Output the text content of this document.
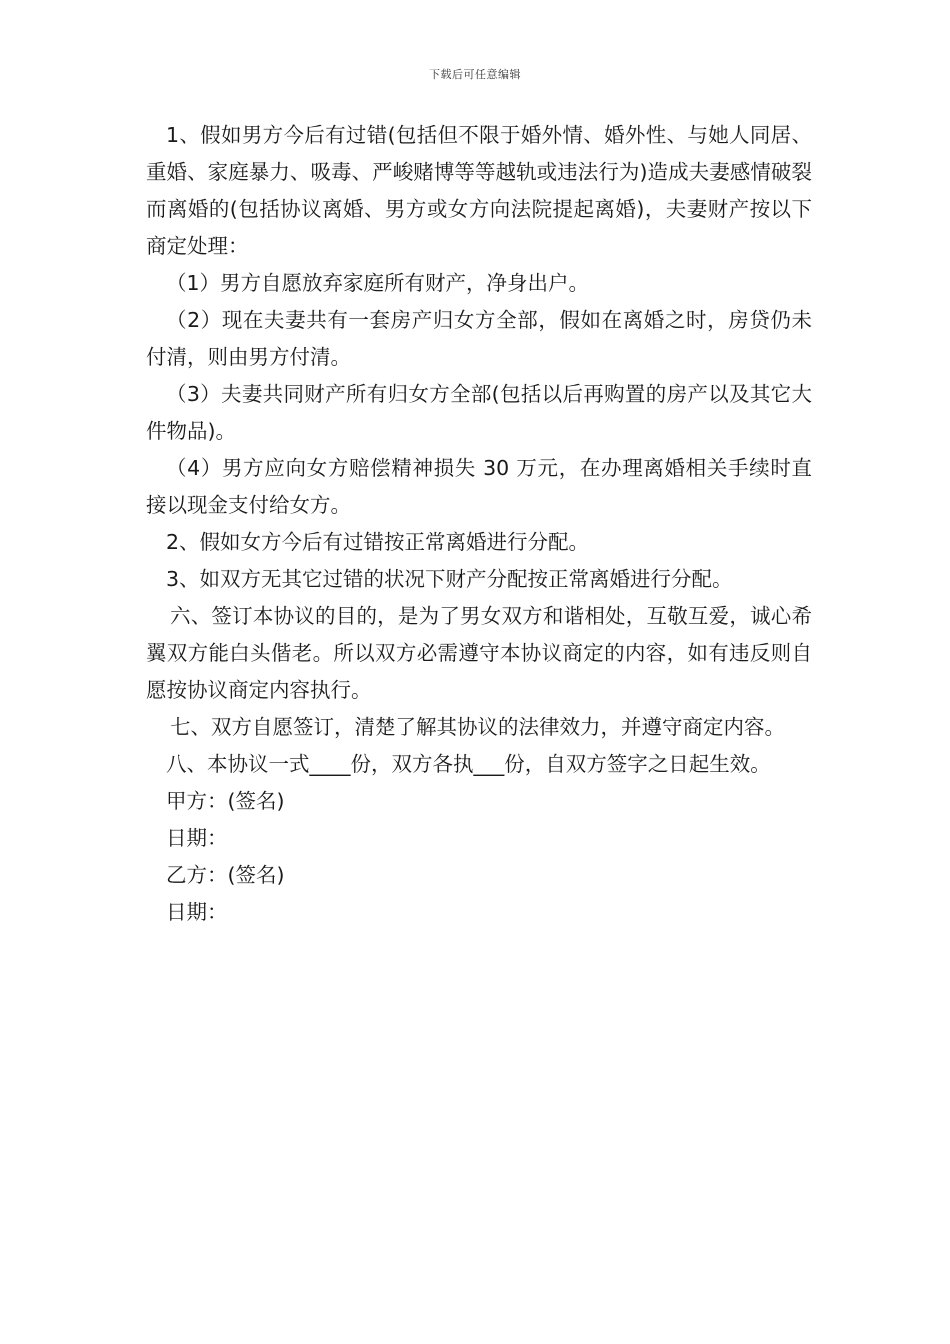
下载后可任意编辑

1、假如男方今后有过错(包括但不限于婚外情、婚外性、与她人同居、重婚、家庭暴力、吸毒、严峻赌博等等越轨或违法行为)造成夫妻感情破裂而离婚的(包括协议离婚、男方或女方向法院提起离婚)，夫妻财产按以下商定处理：

（1）男方自愿放弃家庭所有财产，净身出户。

（2）现在夫妻共有一套房产归女方全部，假如在离婚之时，房贷仍未付清，则由男方付清。

（3）夫妻共同财产所有归女方全部(包括以后再购置的房产以及其它大件物品)。

（4）男方应向女方赔偿精神损失 30 万元，在办理离婚相关手续时直接以现金支付给女方。

2、假如女方今后有过错按正常离婚进行分配。

3、如双方无其它过错的状况下财产分配按正常离婚进行分配。

六、签订本协议的目的，是为了男女双方和谐相处，互敬互爱，诚心希翼双方能白头偕老。所以双方必需遵守本协议商定的内容，如有违反则自愿按协议商定内容执行。

七、双方自愿签订，清楚了解其协议的法律效力，并遵守商定内容。

八、本协议一式____份，双方各执___份，自双方签字之日起生效。

甲方：(签名)

日期：

乙方：(签名)

日期：
